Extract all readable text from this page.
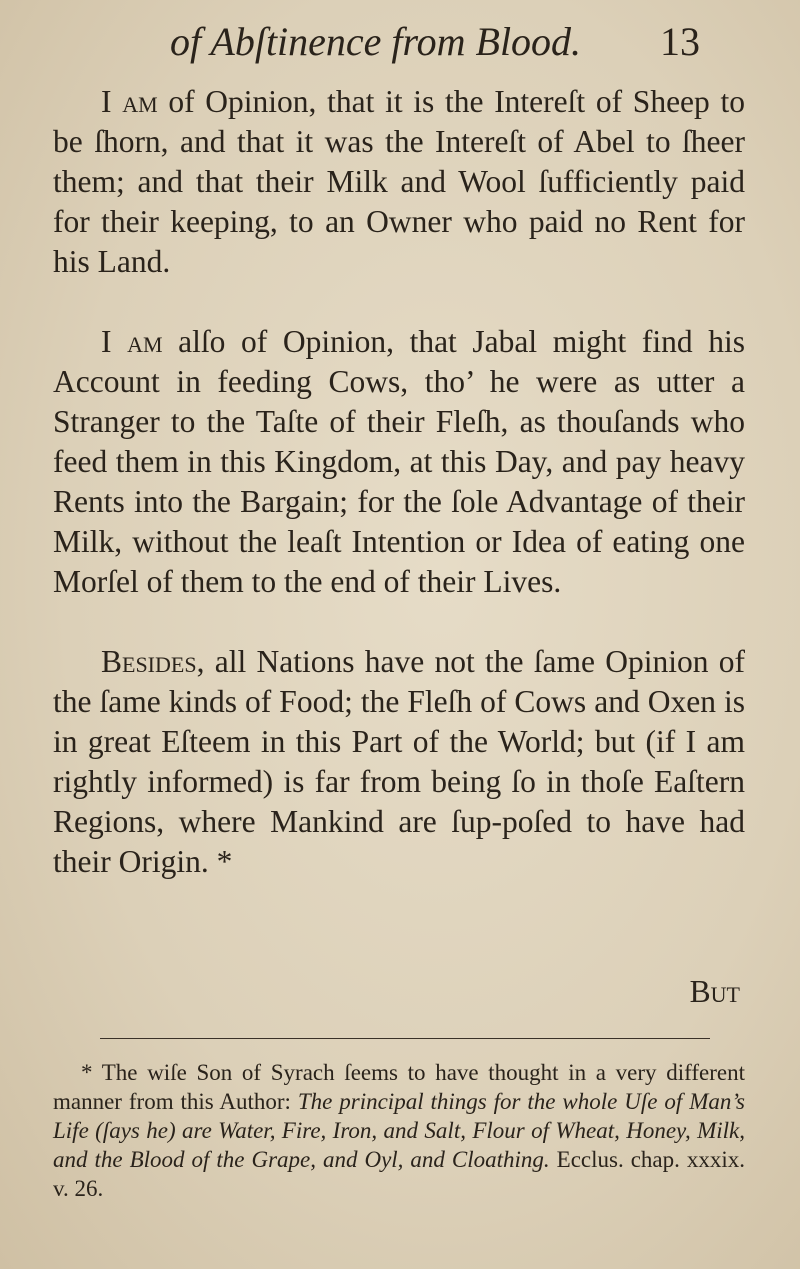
of Abſtinence from Blood. 13

I am of Opinion, that it is the Intereſt of Sheep to be ſhorn, and that it was the Intereſt of Abel to ſheer them; and that their Milk and Wool ſufficiently paid for their keeping, to an Owner who paid no Rent for his Land.

I am alſo of Opinion, that Jabal might find his Account in feeding Cows, tho’ he were as utter a Stranger to the Taſte of their Fleſh, as thouſands who feed them in this Kingdom, at this Day, and pay heavy Rents into the Bargain; for the ſole Advantage of their Milk, without the leaſt Intention or Idea of eating one Morſel of them to the end of their Lives.

Besides, all Nations have not the ſame Opinion of the ſame kinds of Food; the Fleſh of Cows and Oxen is in great Eſteem in this Part of the World; but (if I am rightly informed) is far from being ſo in thoſe Eaſtern Regions, where Mankind are ſup-poſed to have had their Origin. *

But

* The wiſe Son of Syrach ſeems to have thought in a very different manner from this Author: The principal things for the whole Uſe of Man’s Life (ſays he) are Water, Fire, Iron, and Salt, Flour of Wheat, Honey, Milk, and the Blood of the Grape, and Oyl, and Cloathing. Ecclus. chap. xxxix. v. 26.
